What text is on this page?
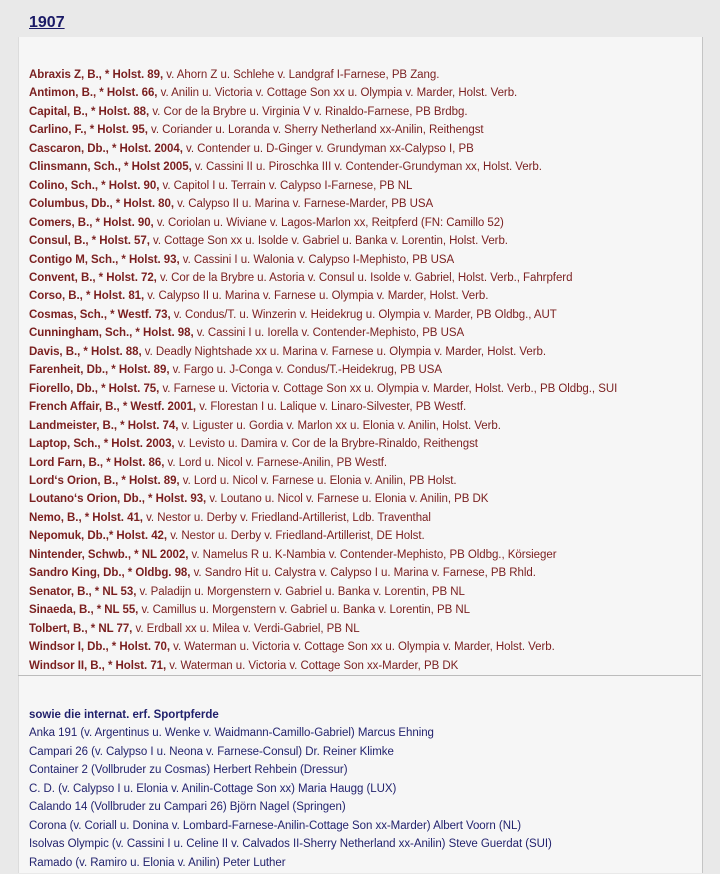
1907
Abraxis Z, B., * Holst. 89, v. Ahorn Z u. Schlehe v. Landgraf I-Farnese, PB Zang.
Antimon, B., * Holst. 66, v. Anilin u. Victoria v. Cottage Son xx u. Olympia v. Marder, Holst. Verb.
Capital, B., * Holst. 88, v. Cor de la Brybre u. Virginia V v. Rinaldo-Farnese, PB Brdbg.
Carlino, F., * Holst. 95, v. Coriander u. Loranda v. Sherry Netherland xx-Anilin, Reithengst
Cascaron, Db., * Holst. 2004, v. Contender u. D-Ginger v. Grundyman xx-Calypso I, PB
Clinsmann, Sch., * Holst 2005, v. Cassini II u. Piroschka III v. Contender-Grundyman xx, Holst. Verb.
Colino, Sch., * Holst. 90, v. Capitol I u. Terrain v. Calypso I-Farnese, PB NL
Columbus, Db., * Holst. 80, v. Calypso II u. Marina v. Farnese-Marder, PB USA
Comers, B., * Holst. 90, v. Coriolan u. Wiviane v. Lagos-Marlon xx, Reitpferd (FN: Camillo 52)
Consul, B., * Holst. 57, v. Cottage Son xx u. Isolde v. Gabriel u. Banka v. Lorentin, Holst. Verb.
Contigo M, Sch., * Holst. 93, v. Cassini I u. Walonia v. Calypso I-Mephisto, PB USA
Convent, B., * Holst. 72, v. Cor de la Brybre u. Astoria v. Consul u. Isolde v. Gabriel, Holst. Verb., Fahrpferd
Corso, B., * Holst. 81, v. Calypso II u. Marina v. Farnese u. Olympia v. Marder, Holst. Verb.
Cosmas, Sch., * Westf. 73, v. Condus/T. u. Winzerin v. Heidekrug u. Olympia v. Marder, PB Oldbg., AUT
Cunningham, Sch., * Holst. 98, v. Cassini I u. Iorella v. Contender-Mephisto, PB USA
Davis, B., * Holst. 88, v. Deadly Nightshade xx u. Marina v. Farnese u. Olympia v. Marder, Holst. Verb.
Farenheit, Db., * Holst. 89, v. Fargo u. J-Conga v. Condus/T.-Heidekrug, PB USA
Fiorello, Db., * Holst. 75, v. Farnese u. Victoria v. Cottage Son xx u. Olympia v. Marder, Holst. Verb., PB Oldbg., SUI
French Affair, B., * Westf. 2001, v. Florestan I u. Lalique v. Linaro-Silvester, PB Westf.
Landmeister, B., * Holst. 74, v. Liguster u. Gordia v. Marlon xx u. Elonia v. Anilin, Holst. Verb.
Laptop, Sch., * Holst. 2003, v. Levisto u. Damira v. Cor de la Brybre-Rinaldo, Reithengst
Lord Farn, B., * Holst. 86, v. Lord u. Nicol v. Farnese-Anilin, PB Westf.
Lord‘s Orion, B., * Holst. 89, v. Lord u. Nicol v. Farnese u. Elonia v. Anilin, PB Holst.
Loutano‘s Orion, Db., * Holst. 93, v. Loutano u. Nicol v. Farnese u. Elonia v. Anilin, PB DK
Nemo, B., * Holst. 41, v. Nestor u. Derby v. Friedland-Artillerist, Ldb. Traventhal
Nepomuk, Db.,* Holst. 42, v. Nestor u. Derby v. Friedland-Artillerist, DE Holst.
Nintender, Schwb., * NL 2002, v. Namelus R u. K-Nambia v. Contender-Mephisto, PB Oldbg., Körsieger
Sandro King, Db., * Oldbg. 98, v. Sandro Hit u. Calystra v. Calypso I u. Marina v. Farnese, PB Rhld.
Senator, B., * NL 53, v. Paladijn u. Morgenstern v. Gabriel u. Banka v. Lorentin, PB NL
Sinaeda, B., * NL 55, v. Camillus u. Morgenstern v. Gabriel u. Banka v. Lorentin, PB NL
Tolbert, B., * NL 77, v. Erdball xx u. Milea v. Verdi-Gabriel, PB NL
Windsor I, Db., * Holst. 70, v. Waterman u. Victoria v. Cottage Son xx u. Olympia v. Marder, Holst. Verb.
Windsor II, B., * Holst. 71, v. Waterman u. Victoria v. Cottage Son xx-Marder, PB DK
sowie die internat. erf. Sportpferde
Anka 191 (v. Argentinus u. Wenke v. Waidmann-Camillo-Gabriel) Marcus Ehning
Campari 26 (v. Calypso I u. Neona v. Farnese-Consul) Dr. Reiner Klimke
Container 2 (Vollbruder zu Cosmas) Herbert Rehbein (Dressur)
C. D. (v. Calypso I u. Elonia v. Anilin-Cottage Son xx) Maria Haugg (LUX)
Calando 14 (Vollbruder zu Campari 26) Björn Nagel (Springen)
Corona (v. Coriall u. Donina v. Lombard-Farnese-Anilin-Cottage Son xx-Marder) Albert Voorn (NL)
Isolvas Olympic (v. Cassini I u. Celine II v. Calvados II-Sherry Netherland xx-Anilin) Steve Guerdat (SUI)
Ramado (v. Ramiro u. Elonia v. Anilin) Peter Luther
